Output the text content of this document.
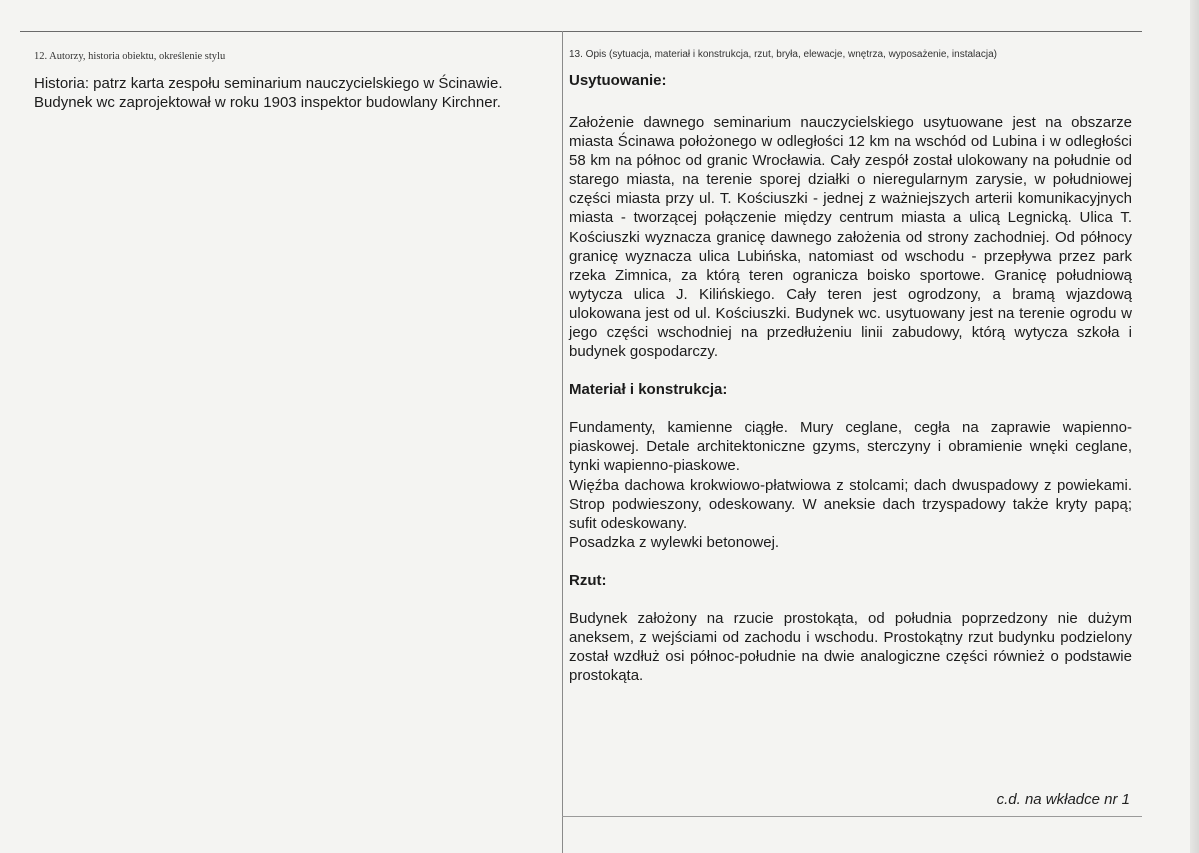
12. Autorzy, historia obiektu, określenie stylu

Historia: patrz karta zespołu seminarium nauczycielskiego w Ścinawie.

Budynek wc zaprojektował w roku 1903 inspektor budowlany Kirchner.

13. Opis (sytuacja, materiał i konstrukcja, rzut, bryła, elewacje, wnętrza, wyposażenie, instalacja)

Usytuowanie:

Założenie dawnego seminarium nauczycielskiego usytuowane jest na obszarze miasta Ścinawa położonego w odległości 12 km na wschód od Lubina i w odległości 58 km na północ od granic Wrocławia. Cały zespół został ulokowany na południe od starego miasta, na terenie sporej działki o nieregularnym zarysie, w południowej części miasta przy ul. T. Kościuszki - jednej z ważniejszych arterii komunikacyjnych miasta - tworzącej połączenie między centrum miasta a ulicą Legnicką. Ulica T. Kościuszki wyznacza granicę dawnego założenia od strony zachodniej. Od północy granicę wyznacza ulica Lubińska, natomiast od wschodu - przepływa przez park rzeka Zimnica, za którą teren ogranicza boisko sportowe. Granicę południową wytycza ulica J. Kilińskiego. Cały teren jest ogrodzony, a bramą wjazdową ulokowana jest od ul. Kościuszki. Budynek wc. usytuowany jest na terenie ogrodu w jego części wschodniej na przedłużeniu linii zabudowy, którą wytycza szkoła i budynek gospodarczy.

Materiał i konstrukcja:

Fundamenty, kamienne ciągłe. Mury ceglane, cegła na zaprawie wapienno-piaskowej. Detale architektoniczne gzyms, sterczyny i obramienie wnęki ceglane, tynki wapienno-piaskowe.

Więźba dachowa krokwiowo-płatwiowa z stolcami; dach dwuspadowy z powiekami. Strop podwieszony, odeskowany. W aneksie dach trzyspadowy także kryty papą; sufit odeskowany.

Posadzka z wylewki betonowej.

Rzut:

Budynek założony na rzucie prostokąta, od południa poprzedzony nie dużym aneksem, z wejściami od zachodu i wschodu. Prostokątny rzut budynku podzielony został wzdłuż osi północ-południe na dwie analogiczne części również o podstawie prostokąta.

c.d. na wkładce nr 1
